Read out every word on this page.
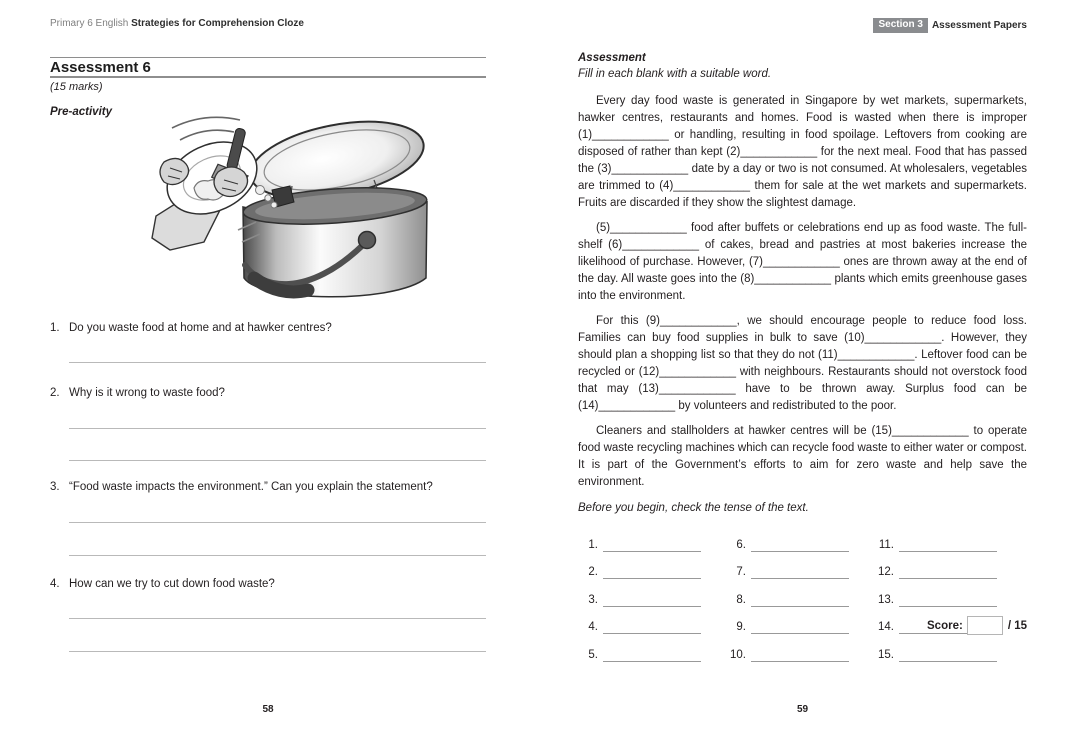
Primary 6 English Strategies for Comprehension Cloze
Assessment 6
(15 marks)
Pre-activity
1. Do you waste food at home and at hawker centres?
2. Why is it wrong to waste food?
3. “Food waste impacts the environment.” Can you explain the statement?
4. How can we try to cut down food waste?
58
Section 3 Assessment Papers

Assessment

Fill in each blank with a suitable word.

Every day food waste is generated in Singapore by wet markets, supermarkets, hawker centres, restaurants and homes. Food is wasted when there is improper (1)____________ or handling, resulting in food spoilage. Leftovers from cooking are disposed of rather than kept (2)____________ for the next meal. Food that has passed the (3)____________ date by a day or two is not consumed. At wholesalers, vegetables are trimmed to (4)____________ them for sale at the wet markets and supermarkets. Fruits are discarded if they show the slightest damage.

(5)____________ food after buffets or celebrations end up as food waste. The full-shelf (6)____________ of cakes, bread and pastries at most bakeries increase the likelihood of purchase. However, (7)____________ ones are thrown away at the end of the day. All waste goes into the (8)____________ plants which emits greenhouse gases into the environment.

For this (9)____________, we should encourage people to reduce food loss. Families can buy food supplies in bulk to save (10)____________. However, they should plan a shopping list so that they do not (11)____________. Leftover food can be recycled or (12)____________ with neighbours. Restaurants should not overstock food that may (13)____________ have to be thrown away. Surplus food can be (14)____________ by volunteers and redistributed to the poor.

Cleaners and stallholders at hawker centres will be (15)____________ to operate food waste recycling machines which can recycle food waste to either water or compost. It is part of the Government’s efforts to aim for zero waste and help save the environment.

Before you begin, check the tense of the text.

1.
2.
3.
4.
5.
6.
7.
8.
9.
10.
11.
12.
13.
14.
15.
Score:	/ 15
59
